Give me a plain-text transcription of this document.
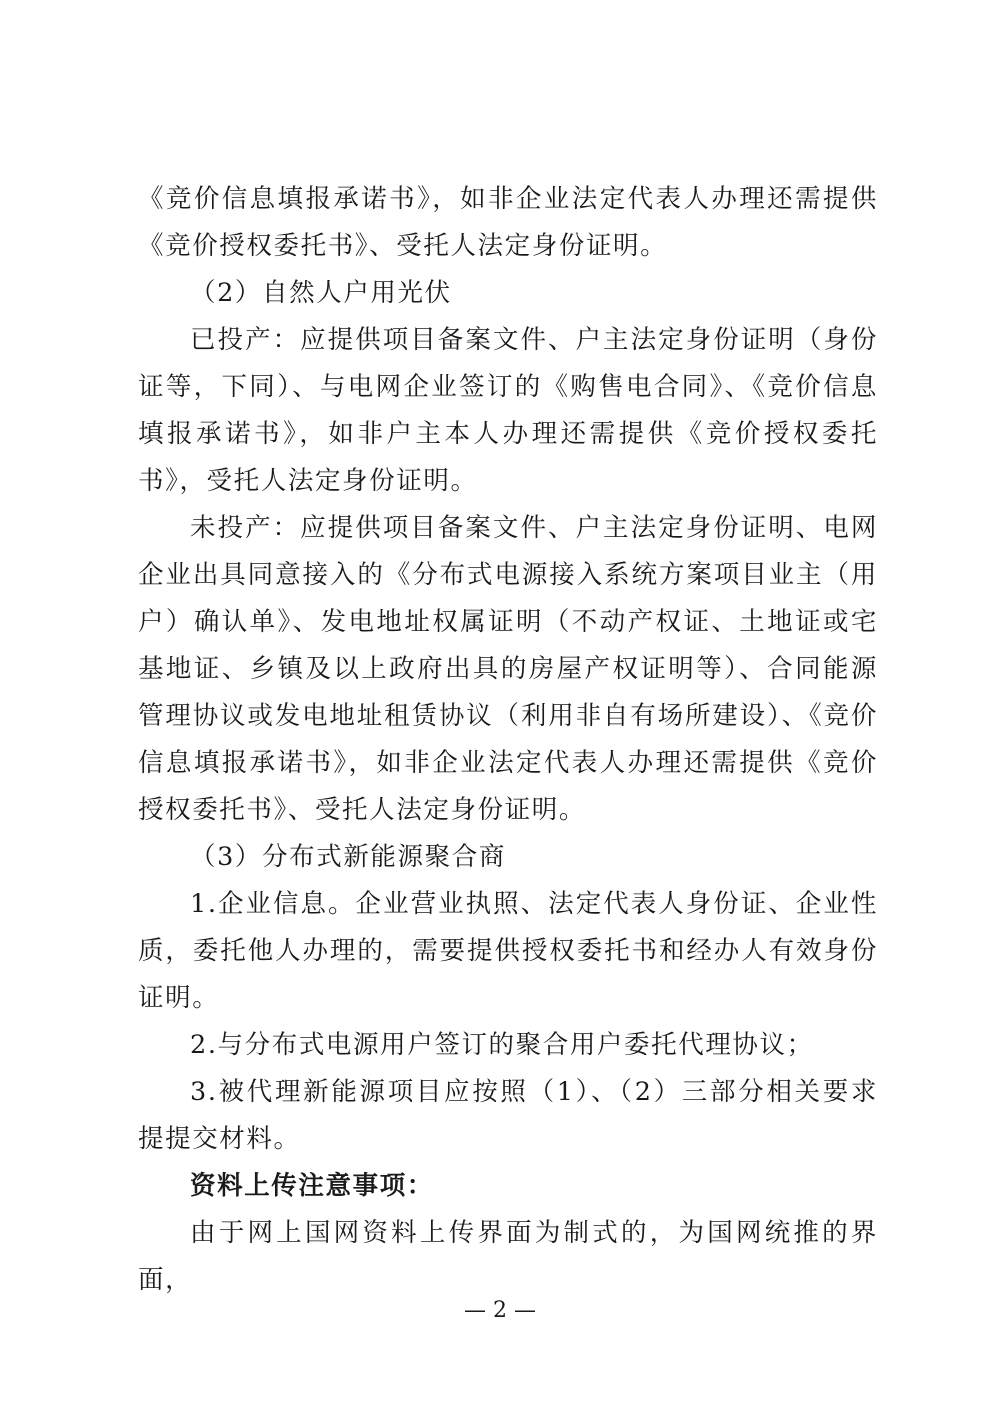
《竞价信息填报承诺书》，如非企业法定代表人办理还需提供《竞价授权委托书》、受托人法定身份证明。

（2）自然人户用光伏

已投产：应提供项目备案文件、户主法定身份证明（身份证等，下同）、与电网企业签订的《购售电合同》、《竞价信息填报承诺书》，如非户主本人办理还需提供《竞价授权委托书》，受托人法定身份证明。

未投产：应提供项目备案文件、户主法定身份证明、电网企业出具同意接入的《分布式电源接入系统方案项目业主（用户）确认单》、发电地址权属证明（不动产权证、土地证或宅基地证、乡镇及以上政府出具的房屋产权证明等）、合同能源管理协议或发电地址租赁协议（利用非自有场所建设）、《竞价信息填报承诺书》，如非企业法定代表人办理还需提供《竞价授权委托书》、受托人法定身份证明。

（3）分布式新能源聚合商

1.企业信息。企业营业执照、法定代表人身份证、企业性质，委托他人办理的，需要提供授权委托书和经办人有效身份证明。

2.与分布式电源用户签订的聚合用户委托代理协议；

3.被代理新能源项目应按照（1）、（2）三部分相关要求提提交材料。

资料上传注意事项：

由于网上国网资料上传界面为制式的，为国网统推的界面，

— 2 —
